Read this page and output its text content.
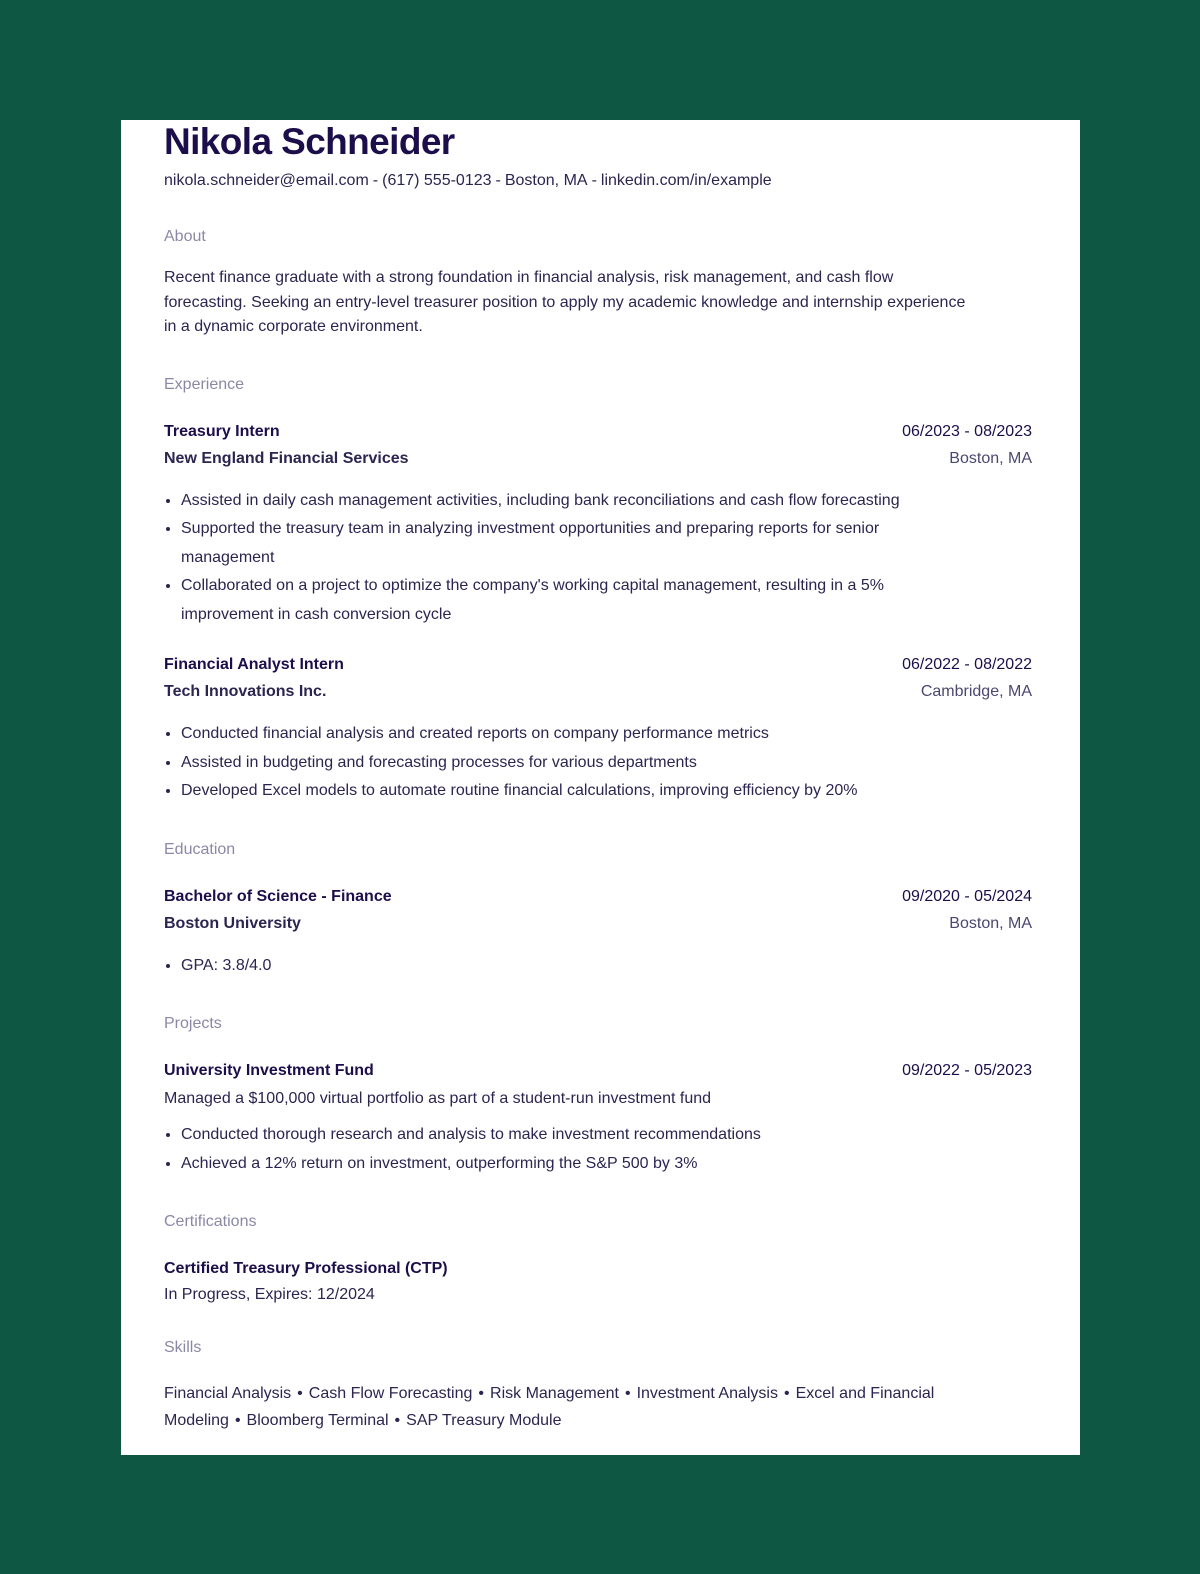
Nikola Schneider
nikola.schneider@email.com - (617) 555-0123 - Boston, MA - linkedin.com/in/example
About
Recent finance graduate with a strong foundation in financial analysis, risk management, and cash flow forecasting. Seeking an entry-level treasurer position to apply my academic knowledge and internship experience in a dynamic corporate environment.
Experience
Treasury Intern	06/2023 - 08/2023
New England Financial Services	Boston, MA
• Assisted in daily cash management activities, including bank reconciliations and cash flow forecasting
• Supported the treasury team in analyzing investment opportunities and preparing reports for senior management
• Collaborated on a project to optimize the company's working capital management, resulting in a 5% improvement in cash conversion cycle
Financial Analyst Intern	06/2022 - 08/2022
Tech Innovations Inc.	Cambridge, MA
• Conducted financial analysis and created reports on company performance metrics
• Assisted in budgeting and forecasting processes for various departments
• Developed Excel models to automate routine financial calculations, improving efficiency by 20%
Education
Bachelor of Science - Finance	09/2020 - 05/2024
Boston University	Boston, MA
• GPA: 3.8/4.0
Projects
University Investment Fund	09/2022 - 05/2023
Managed a $100,000 virtual portfolio as part of a student-run investment fund
• Conducted thorough research and analysis to make investment recommendations
• Achieved a 12% return on investment, outperforming the S&P 500 by 3%
Certifications
Certified Treasury Professional (CTP)
In Progress, Expires: 12/2024
Skills
Financial Analysis • Cash Flow Forecasting • Risk Management • Investment Analysis • Excel and Financial Modeling • Bloomberg Terminal • SAP Treasury Module
